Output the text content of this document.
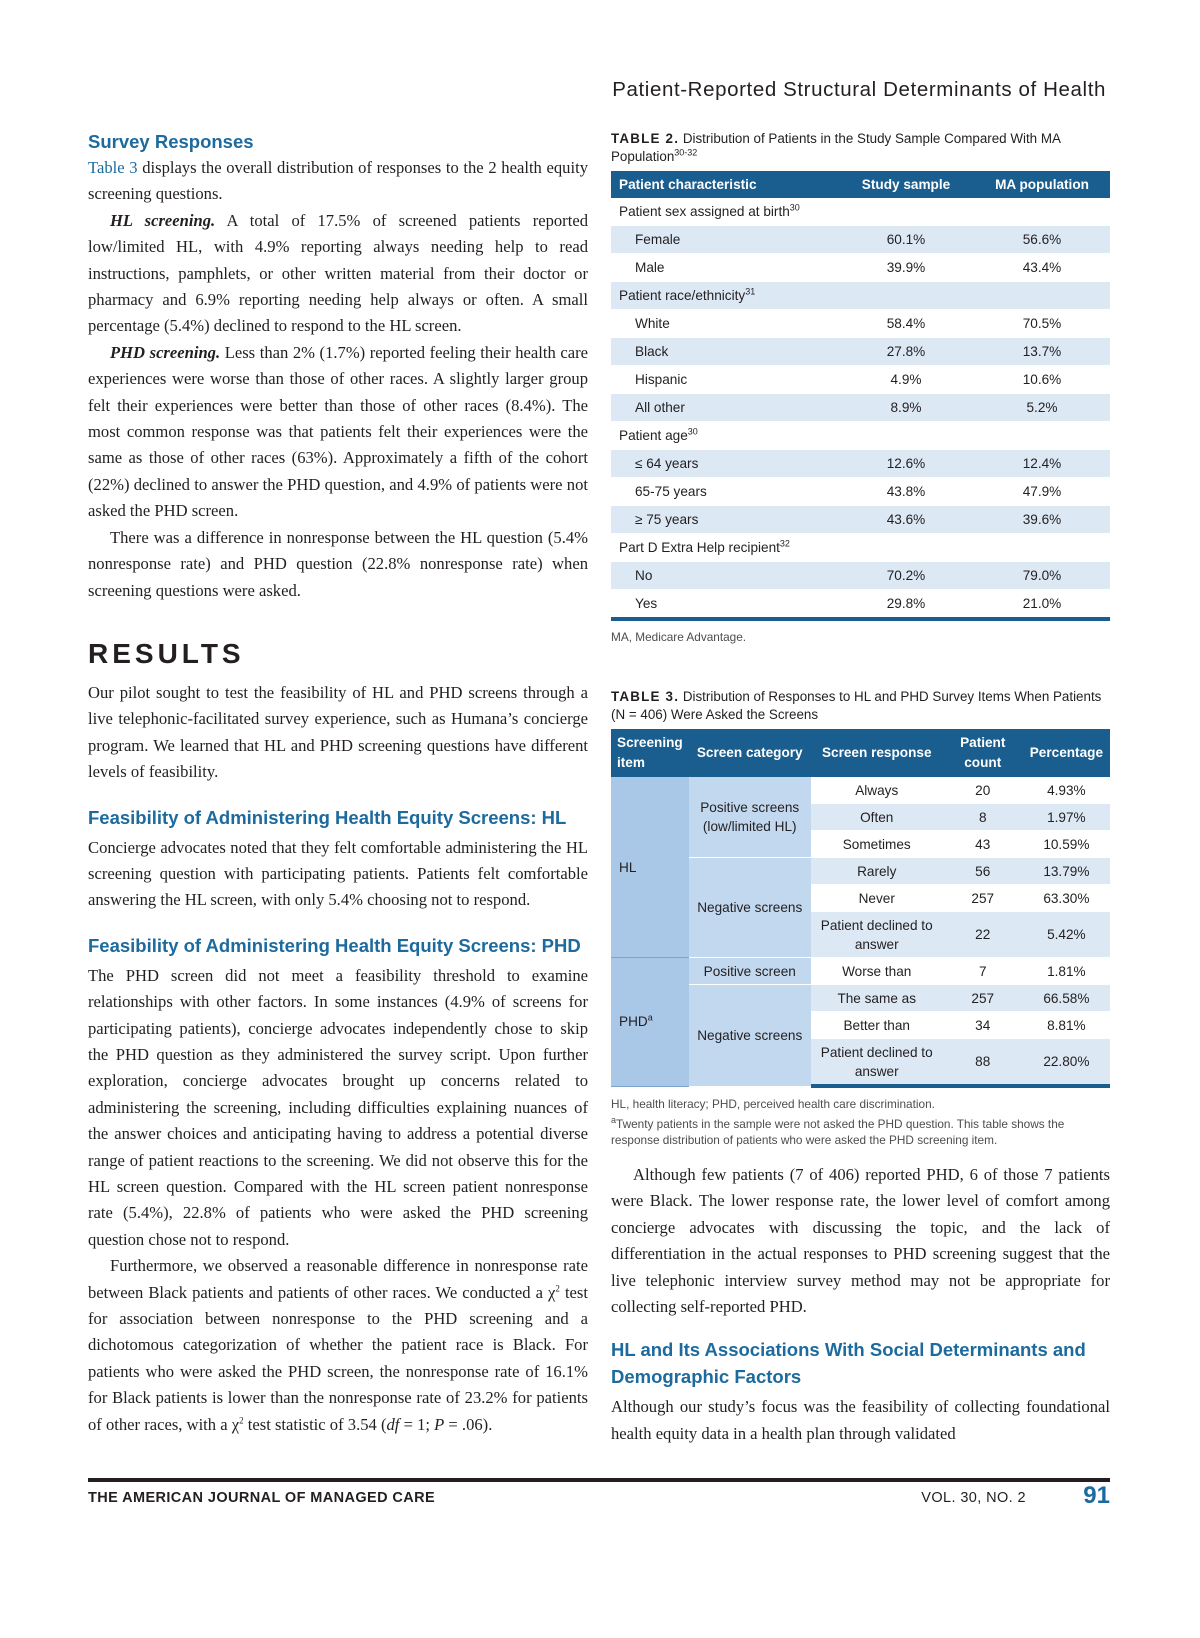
Patient-Reported Structural Determinants of Health
Survey Responses

Table 3 displays the overall distribution of responses to the 2 health equity screening questions.

HL screening. A total of 17.5% of screened patients reported low/limited HL, with 4.9% reporting always needing help to read instructions, pamphlets, or other written material from their doctor or pharmacy and 6.9% reporting needing help always or often. A small percentage (5.4%) declined to respond to the HL screen.

PHD screening. Less than 2% (1.7%) reported feeling their health care experiences were worse than those of other races. A slightly larger group felt their experiences were better than those of other races (8.4%). The most common response was that patients felt their experiences were the same as those of other races (63%). Approximately a fifth of the cohort (22%) declined to answer the PHD question, and 4.9% of patients were not asked the PHD screen.

There was a difference in nonresponse between the HL question (5.4% nonresponse rate) and PHD question (22.8% nonresponse rate) when screening questions were asked.

RESULTS

Our pilot sought to test the feasibility of HL and PHD screens through a live telephonic-facilitated survey experience, such as Humana’s concierge program. We learned that HL and PHD screening questions have different levels of feasibility.

Feasibility of Administering Health Equity Screens: HL

Concierge advocates noted that they felt comfortable administering the HL screening question with participating patients. Patients felt comfortable answering the HL screen, with only 5.4% choosing not to respond.

Feasibility of Administering Health Equity Screens: PHD

The PHD screen did not meet a feasibility threshold to examine relationships with other factors. In some instances (4.9% of screens for participating patients), concierge advocates independently chose to skip the PHD question as they administered the survey script. Upon further exploration, concierge advocates brought up concerns related to administering the screening, including difficulties explaining nuances of the answer choices and anticipating having to address a potential diverse range of patient reactions to the screening. We did not observe this for the HL screen question. Compared with the HL screen patient nonresponse rate (5.4%), 22.8% of patients who were asked the PHD screening question chose not to respond.

Furthermore, we observed a reasonable difference in nonresponse rate between Black patients and patients of other races. We conducted a $\chi^2$ test for association between nonresponse to the PHD screening and a dichotomous categorization of whether the patient race is Black. For patients who were asked the PHD screen, the nonresponse rate of 16.1% for Black patients is lower than the nonresponse rate of 23.2% for patients of other races, with a $\chi^2$ test statistic of 3.54 (df = 1; P = .06).

TABLE 2. Distribution of Patients in the Study Sample Compared With MA Population$^{30-32}$

Patient characteristic	Study sample	MA population
Patient sex assigned at birth$^{30}$		
Female	60.1%	56.6%
Male	39.9%	43.4%
Patient race/ethnicity$^{31}$		
White	58.4%	70.5%
Black	27.8%	13.7%
Hispanic	4.9%	10.6%
All other	8.9%	5.2%
Patient age$^{30}$		
≤ 64 years	12.6%	12.4%
65-75 years	43.8%	47.9%
≥ 75 years	43.6%	39.6%
Part D Extra Help recipient$^{32}$		
No	70.2%	79.0%
Yes	29.8%	21.0%

MA, Medicare Advantage.

TABLE 3. Distribution of Responses to HL and PHD Survey Items When Patients (N = 406) Were Asked the Screens

Screening item	Screen category	Screen response	Patient count	Percentage
HL	Positive screens (low/limited HL)	Always	20	4.93%
		Often	8	1.97%
		Sometimes	43	10.59%
	Negative screens	Rarely	56	13.79%
		Never	257	63.30%
		Patient declined to answer	22	5.42%
PHD$^a$	Positive screen	Worse than	7	1.81%
	Negative screens	The same as	257	66.58%
		Better than	34	8.81%
		Patient declined to answer	88	22.80%

HL, health literacy; PHD, perceived health care discrimination.

$^a$Twenty patients in the sample were not asked the PHD question. This table shows the response distribution of patients who were asked the PHD screening item.

Although few patients (7 of 406) reported PHD, 6 of those 7 patients were Black. The lower response rate, the lower level of comfort among concierge advocates with discussing the topic, and the lack of differentiation in the actual responses to PHD screening suggest that the live telephonic interview survey method may not be appropriate for collecting self-reported PHD.

HL and Its Associations With Social Determinants and Demographic Factors

Although our study’s focus was the feasibility of collecting foundational health equity data in a health plan through validated

THE AMERICAN JOURNAL OF MANAGED CARE	VOL. 30, NO. 2 91
